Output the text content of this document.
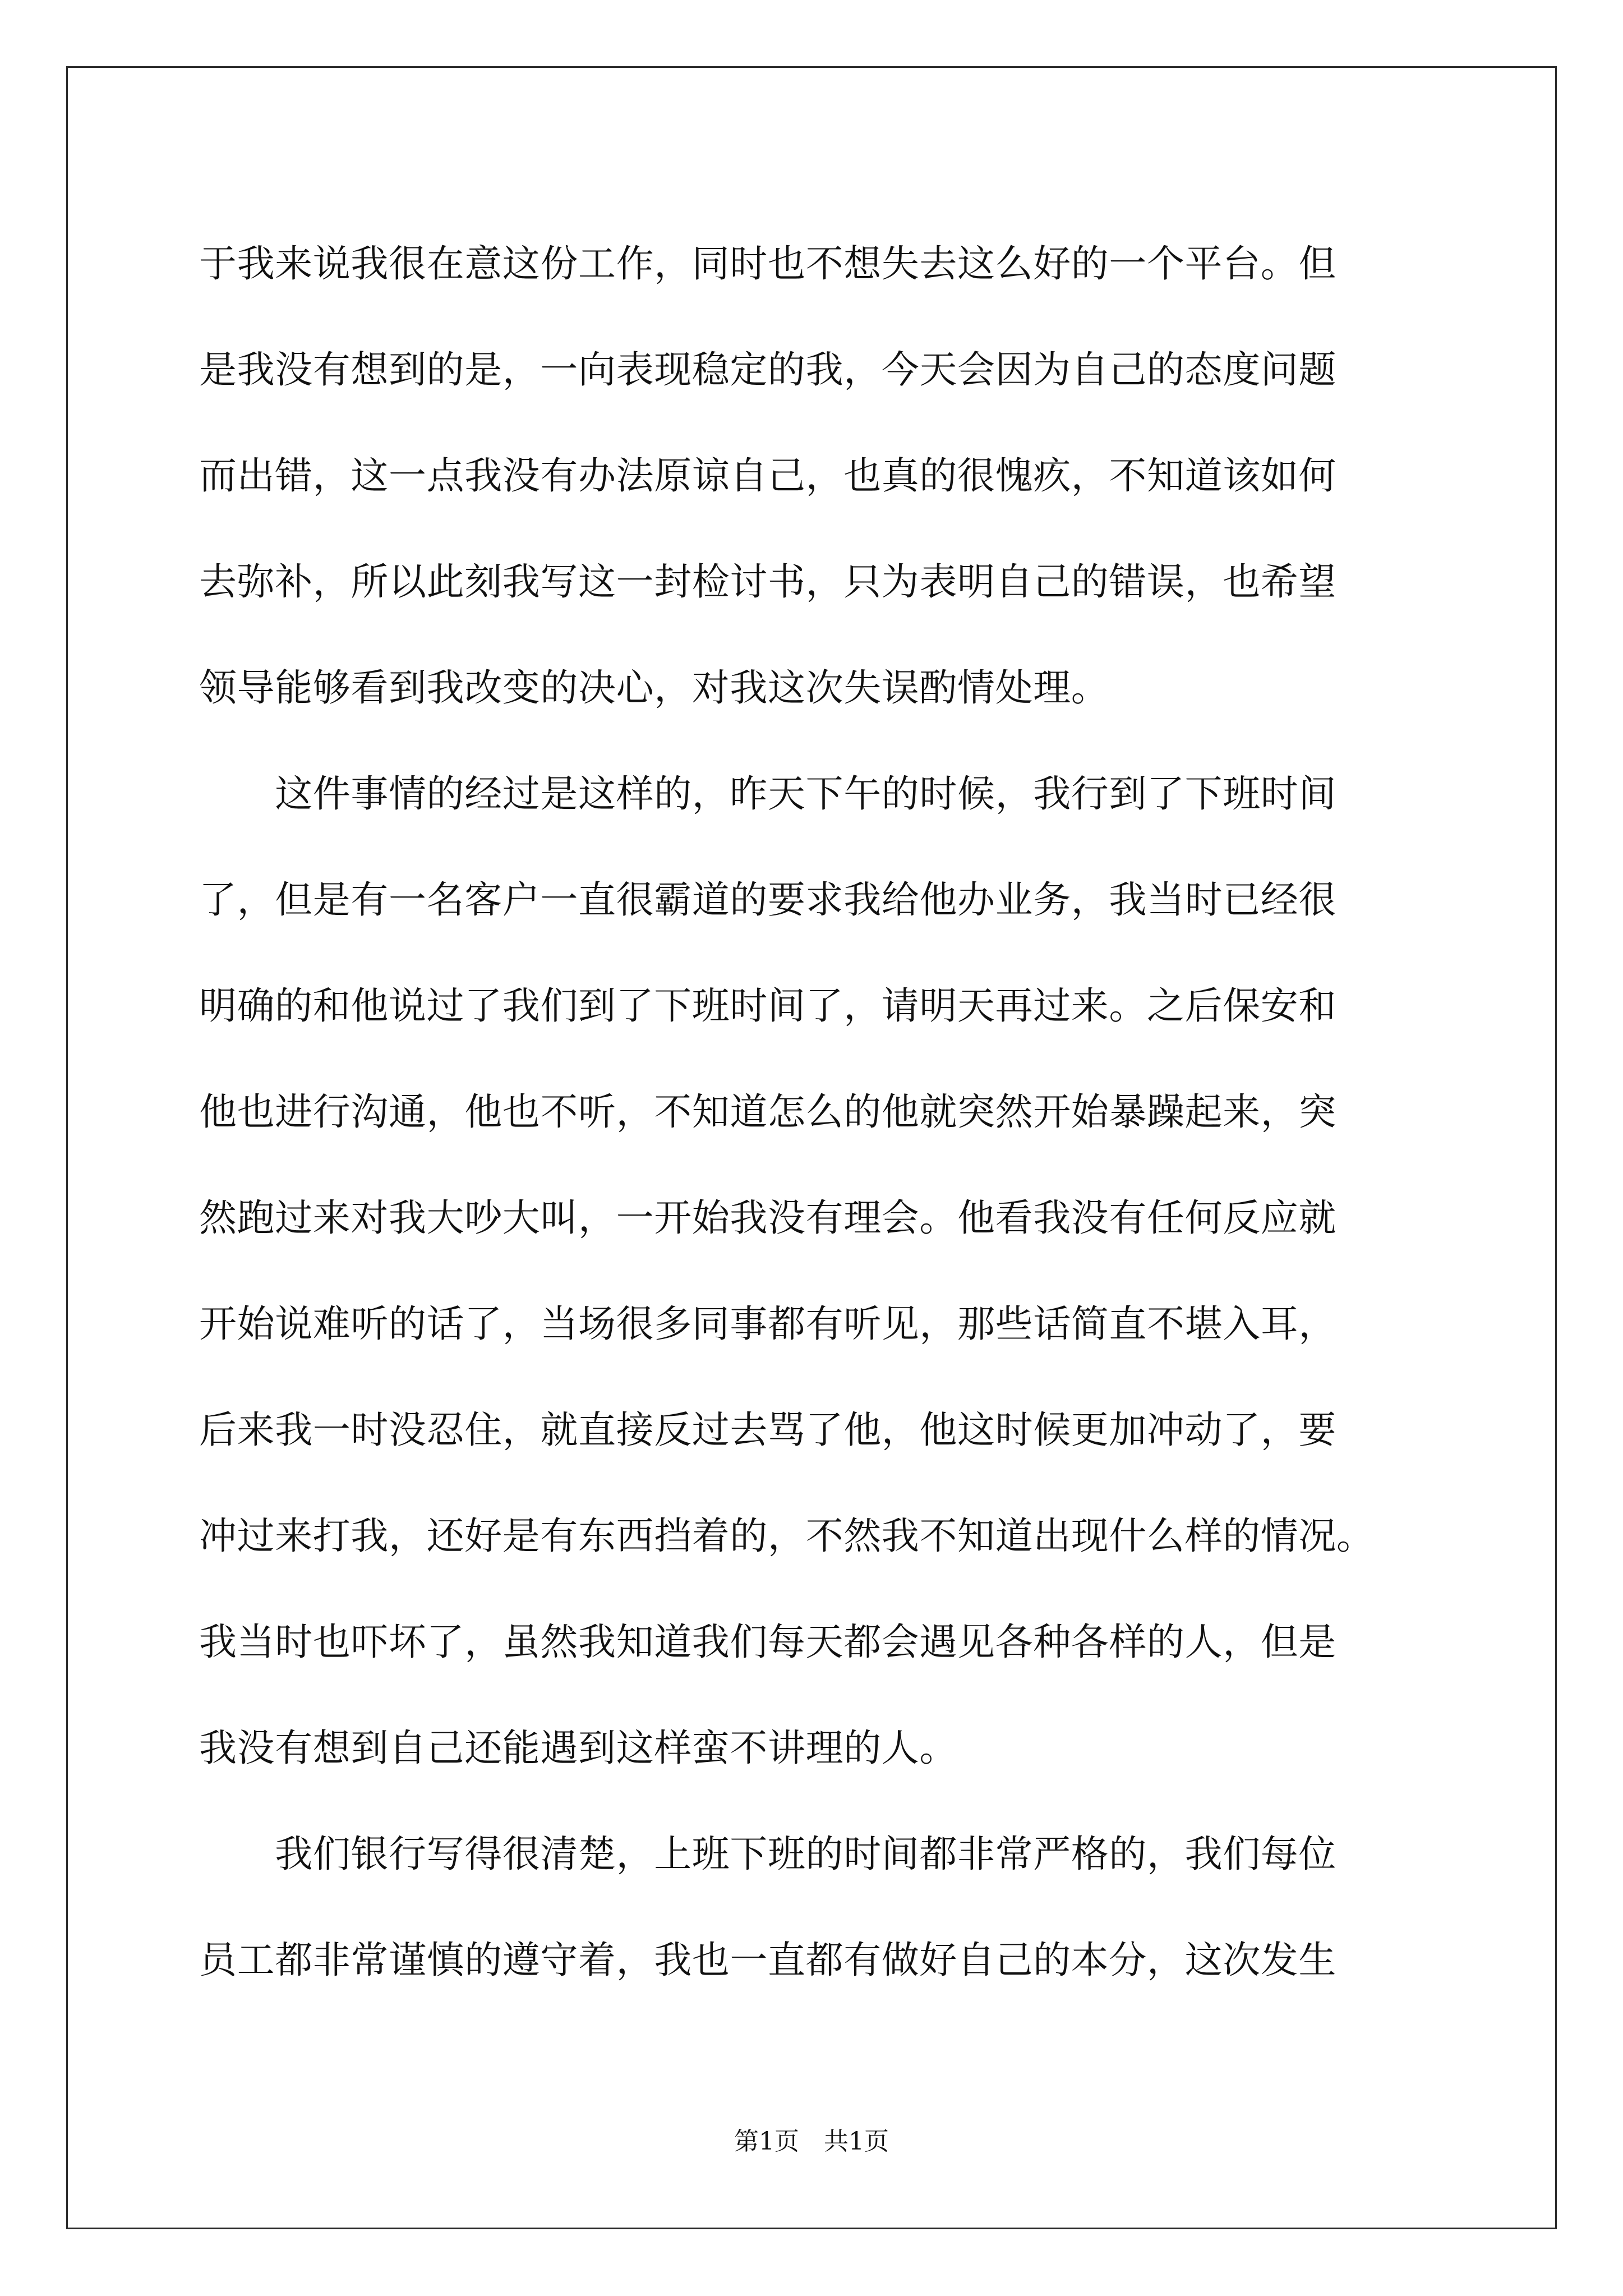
于我来说我很在意这份工作，同时也不想失去这么好的一个平台。但
是我没有想到的是，一向表现稳定的我，今天会因为自己的态度问题
而出错，这一点我没有办法原谅自己，也真的很愧疚，不知道该如何
去弥补，所以此刻我写这一封检讨书，只为表明自己的错误，也希望
领导能够看到我改变的决心，对我这次失误酌情处理。
　　这件事情的经过是这样的，昨天下午的时候，我行到了下班时间
了，但是有一名客户一直很霸道的要求我给他办业务，我当时已经很
明确的和他说过了我们到了下班时间了，请明天再过来。之后保安和
他也进行沟通，他也不听，不知道怎么的他就突然开始暴躁起来，突
然跑过来对我大吵大叫，一开始我没有理会。他看我没有任何反应就
开始说难听的话了，当场很多同事都有听见，那些话简直不堪入耳，
后来我一时没忍住，就直接反过去骂了他，他这时候更加冲动了，要
冲过来打我，还好是有东西挡着的，不然我不知道出现什么样的情况。
我当时也吓坏了，虽然我知道我们每天都会遇见各种各样的人，但是
我没有想到自己还能遇到这样蛮不讲理的人。
　　我们银行写得很清楚，上班下班的时间都非常严格的，我们每位
员工都非常谨慎的遵守着，我也一直都有做好自己的本分，这次发生
第1页　共1页
